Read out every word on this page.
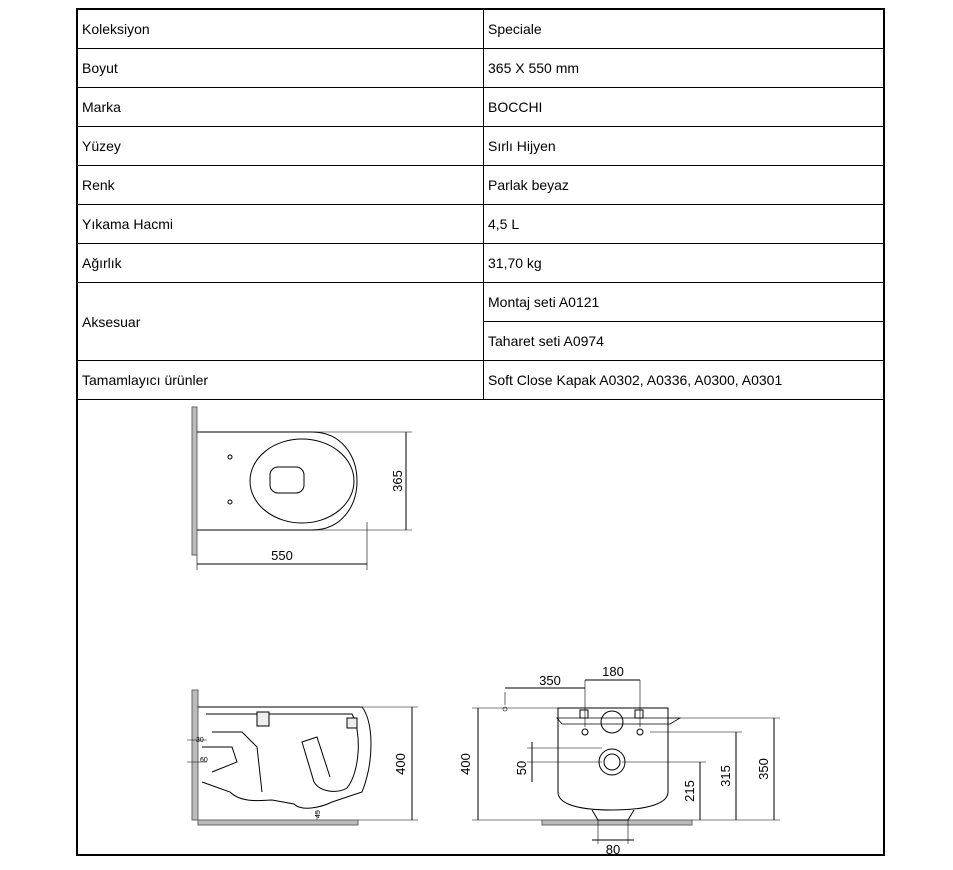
Koleksiyon	Speciale
Boyut	365 X 550 mm
Marka	BOCCHI
Yüzey	Sırlı Hijyen
Renk	Parlak beyaz
Yıkama Hacmi	4,5 L
Ağırlık	31,70 kg
Aksesuar	Montaj seti A0121
	Taharet seti A0974
Tamamlayıcı ürünler	Soft Close Kapak A0302, A0336, A0300, A0301
365
550
400
30
60
45
350
180
400	50
215
315 350
80
